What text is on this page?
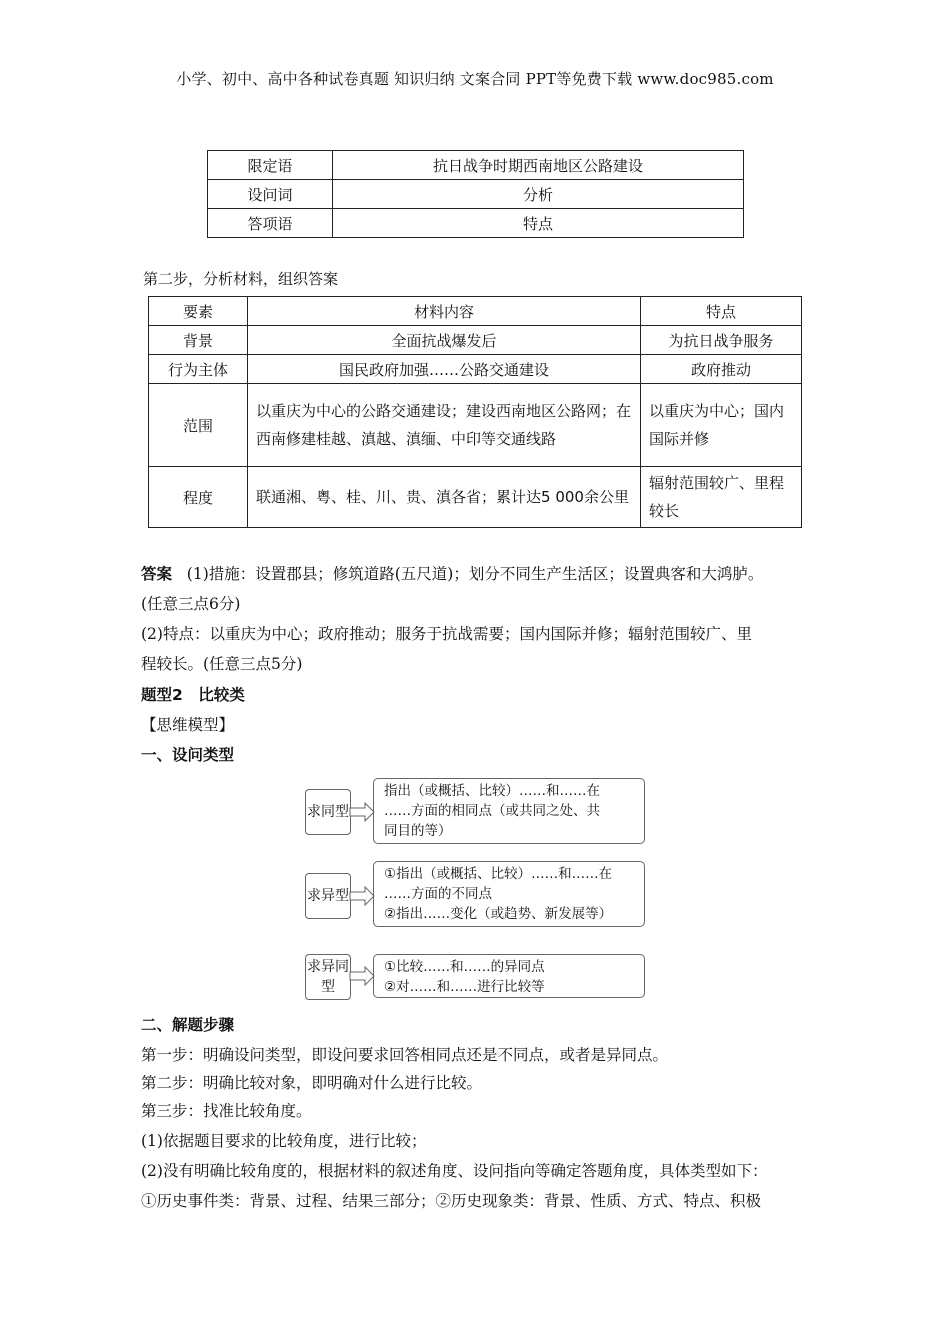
小学、初中、高中各种试卷真题 知识归纳 文案合同 PPT等免费下载 www.doc985.com
限定语	抗日战争时期西南地区公路建设
设问词	分析
答项语	特点
第二步，分析材料，组织答案
要素	材料内容	特点
背景	全面抗战爆发后	为抗日战争服务
行为主体	国民政府加强……公路交通建设	政府推动
范围	以重庆为中心的公路交通建设；建设西南地区公路网；在西南修建桂越、滇越、滇缅、中印等交通线路	以重庆为中心；国内国际并修
程度	联通湘、粤、桂、川、贵、滇各省；累计达5 000余公里	辐射范围较广、里程较长
答案 (1)措施：设置郡县；修筑道路(五尺道)；划分不同生产生活区；设置典客和大鸿胪。
(任意三点6分)
(2)特点：以重庆为中心；政府推动；服务于抗战需要；国内国际并修；辐射范围较广、里
程较长。(任意三点5分)
题型2　比较类
【思维模型】
一、设问类型
求同型
指出（或概括、比较）……和……在
……方面的相同点（或共同之处、共
同目的等）
求异型
①指出（或概括、比较）……和……在
……方面的不同点
②指出……变化（或趋势、新发展等）
求异同型
①比较……和……的异同点
②对……和……进行比较等
二、解题步骤
第一步：明确设问类型，即设问要求回答相同点还是不同点，或者是异同点。
第二步：明确比较对象，即明确对什么进行比较。
第三步：找准比较角度。
(1)依据题目要求的比较角度，进行比较；
(2)没有明确比较角度的，根据材料的叙述角度、设问指向等确定答题角度，具体类型如下：
①历史事件类：背景、过程、结果三部分；②历史现象类：背景、性质、方式、特点、积极
